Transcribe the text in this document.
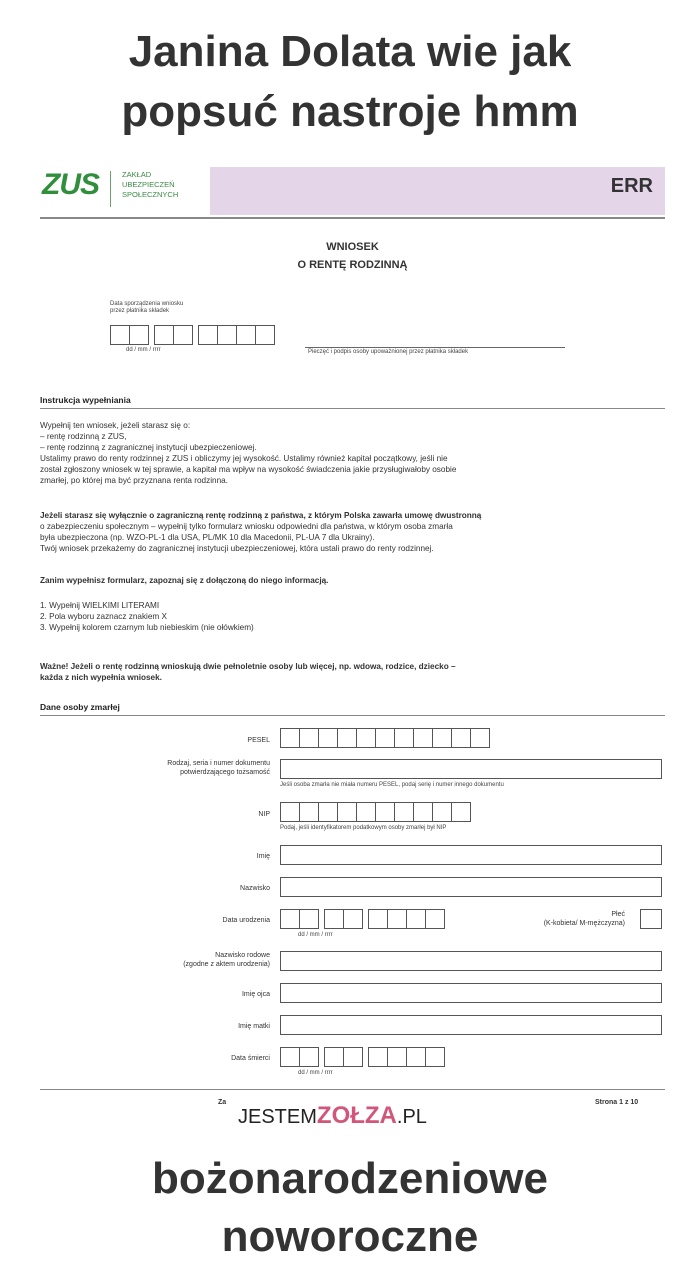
Janina Dolata wie jak
popsuć nastroje hmm
ZUS	ZAKŁAD
UBEZPIECZEŃ
SPOŁECZNYCH	ERR
WNIOSEK
O RENTĘ RODZINNĄ
Data sporządzenia wniosku
przez płatnika składek
dd / mm / rrrr	Pieczęć i podpis osoby upoważnionej przez płatnika składek
Instrukcja wypełniania
Wypełnij ten wniosek, jeżeli starasz się o:
– rentę rodzinną z ZUS,
– rentę rodzinną z zagranicznej instytucji ubezpieczeniowej.
Ustalimy prawo do renty rodzinnej z ZUS i obliczymy jej wysokość. Ustalimy również kapitał początkowy, jeśli nie
został zgłoszony wniosek w tej sprawie, a kapitał ma wpływ na wysokość świadczenia jakie przysługiwałoby osobie
zmarłej, po której ma być przyznana renta rodzinna.
Jeżeli starasz się wyłącznie o zagraniczną rentę rodzinną z państwa, z którym Polska zawarła umowę dwustronną
o zabezpieczeniu społecznym – wypełnij tylko formularz wniosku odpowiedni dla państwa, w którym osoba zmarła
była ubezpieczona (np. WZO-PL-1 dla USA, PL/MK 10 dla Macedonii, PL-UA 7 dla Ukrainy).
Twój wniosek przekażemy do zagranicznej instytucji ubezpieczeniowej, która ustali prawo do renty rodzinnej.
Zanim wypełnisz formularz, zapoznaj się z dołączoną do niego informacją.
1. Wypełnij WIELKIMI LITERAMI
2. Pola wyboru zaznacz znakiem X
3. Wypełnij kolorem czarnym lub niebieskim (nie ołówkiem)
Ważne! Jeżeli o rentę rodzinną wnioskują dwie pełnoletnie osoby lub więcej, np. wdowa, rodzice, dziecko –
każda z nich wypełnia wniosek.
Dane osoby zmarłej
PESEL
Rodzaj, seria i numer dokumentu
potwierdzającego tożsamość
Jeśli osoba zmarła nie miała numeru PESEL, podaj serię i numer innego dokumentu
NIP
Podaj, jeśli identyfikatorem podatkowym osoby zmarłej był NIP
Imię
Nazwisko
Data urodzenia
dd / mm / rrrr
Płeć
(K-kobieta/ M-mężczyzna)
Nazwisko rodowe
(zgodne z aktem urodzenia)
Imię ojca
Imię matki
Data śmierci
dd / mm / rrrr
Za	Strona 1 z 10
JESTEMZOŁZA.PL
bożonarodzeniowe
noworoczne
